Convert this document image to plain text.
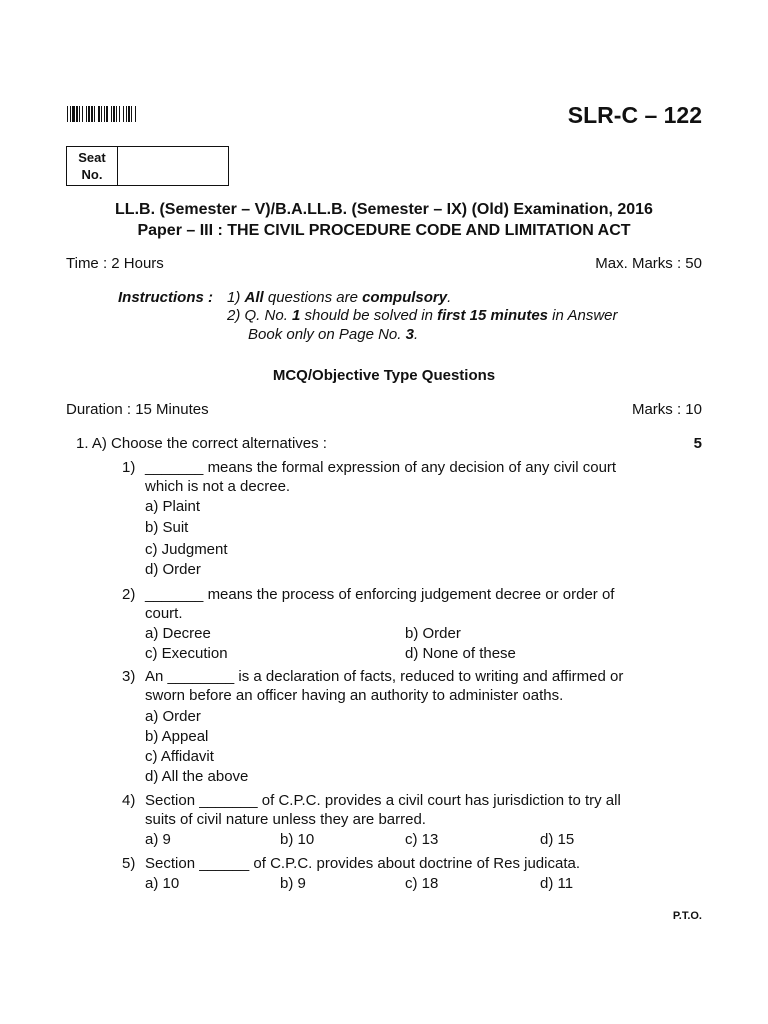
SLR-C – 122
Seat
No.
LL.B. (Semester – V)/B.A.LL.B. (Semester – IX) (Old) Examination, 2016
Paper – III : THE CIVIL PROCEDURE CODE AND LIMITATION ACT
Time : 2 Hours	Max. Marks : 50
Instructions : 1) All questions are compulsory.
2) Q. No. 1 should be solved in first 15 minutes in Answer
Book only on Page No. 3.
MCQ/Objective Type Questions
Duration : 15 Minutes	Marks : 10
1. A) Choose the correct alternatives :	5
1) _______ means the formal expression of any decision of any civil court
which is not a decree.
a) Plaint
b) Suit
c) Judgment
d) Order
2) _______ means the process of enforcing judgement decree or order of
court.
a) Decree	b) Order
c) Execution	d) None of these
3) An ________ is a declaration of facts, reduced to writing and affirmed or
sworn before an officer having an authority to administer oaths.
a) Order
b) Appeal
c) Affidavit
d) All the above
4) Section _______ of C.P.C. provides a civil court has jurisdiction to try all
suits of civil nature unless they are barred.
a) 9	b) 10	c) 13	d) 15
5) Section ______ of C.P.C. provides about doctrine of Res judicata.
a) 10	b) 9	c) 18	d) 11
P.T.O.
